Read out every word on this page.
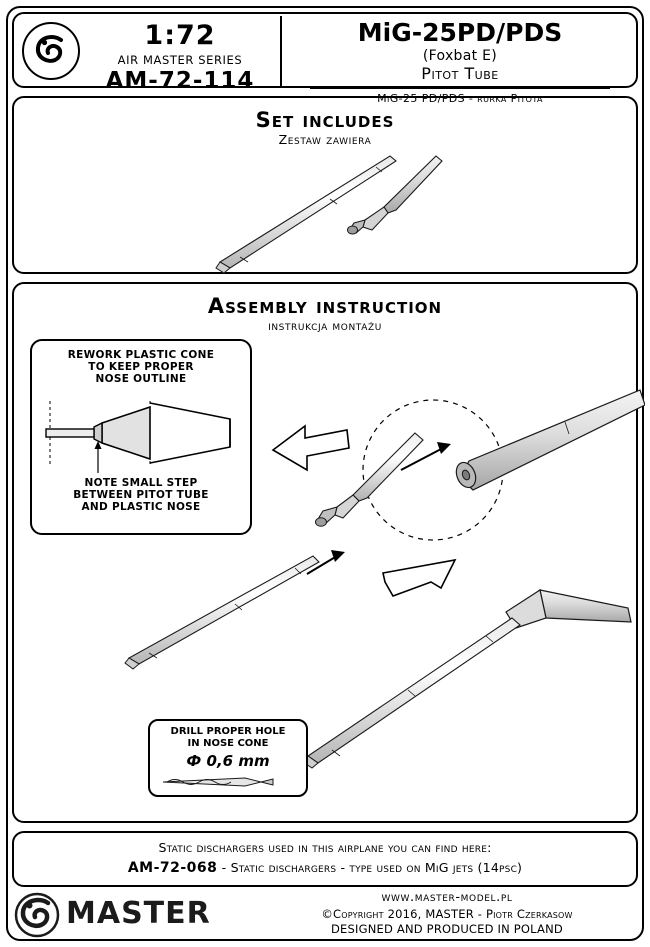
1:72
AIR MASTER SERIES
AM-72-114
MiG-25PD/PDS
(Foxbat E)
Pitot Tube
MiG-25 PD/PDS - rurka Pitota
Set includes
Zestaw zawiera
Assembly instruction
instrukcja montażu
REWORK PLASTIC CONE
TO KEEP PROPER
NOSE OUTLINE
NOTE SMALL STEP
BETWEEN PITOT TUBE
AND PLASTIC NOSE
DRILL PROPER HOLE
IN NOSE CONE
Ф 0,6 mm
Static dischargers used in this airplane you can find here:
AM-72-068 - Static dischargers - type used on MiG jets (14psc)
MASTER	www.master-model.pl
©Copyright 2016, MASTER - Piotr Czerkasow
DESIGNED AND PRODUCED IN POLAND
